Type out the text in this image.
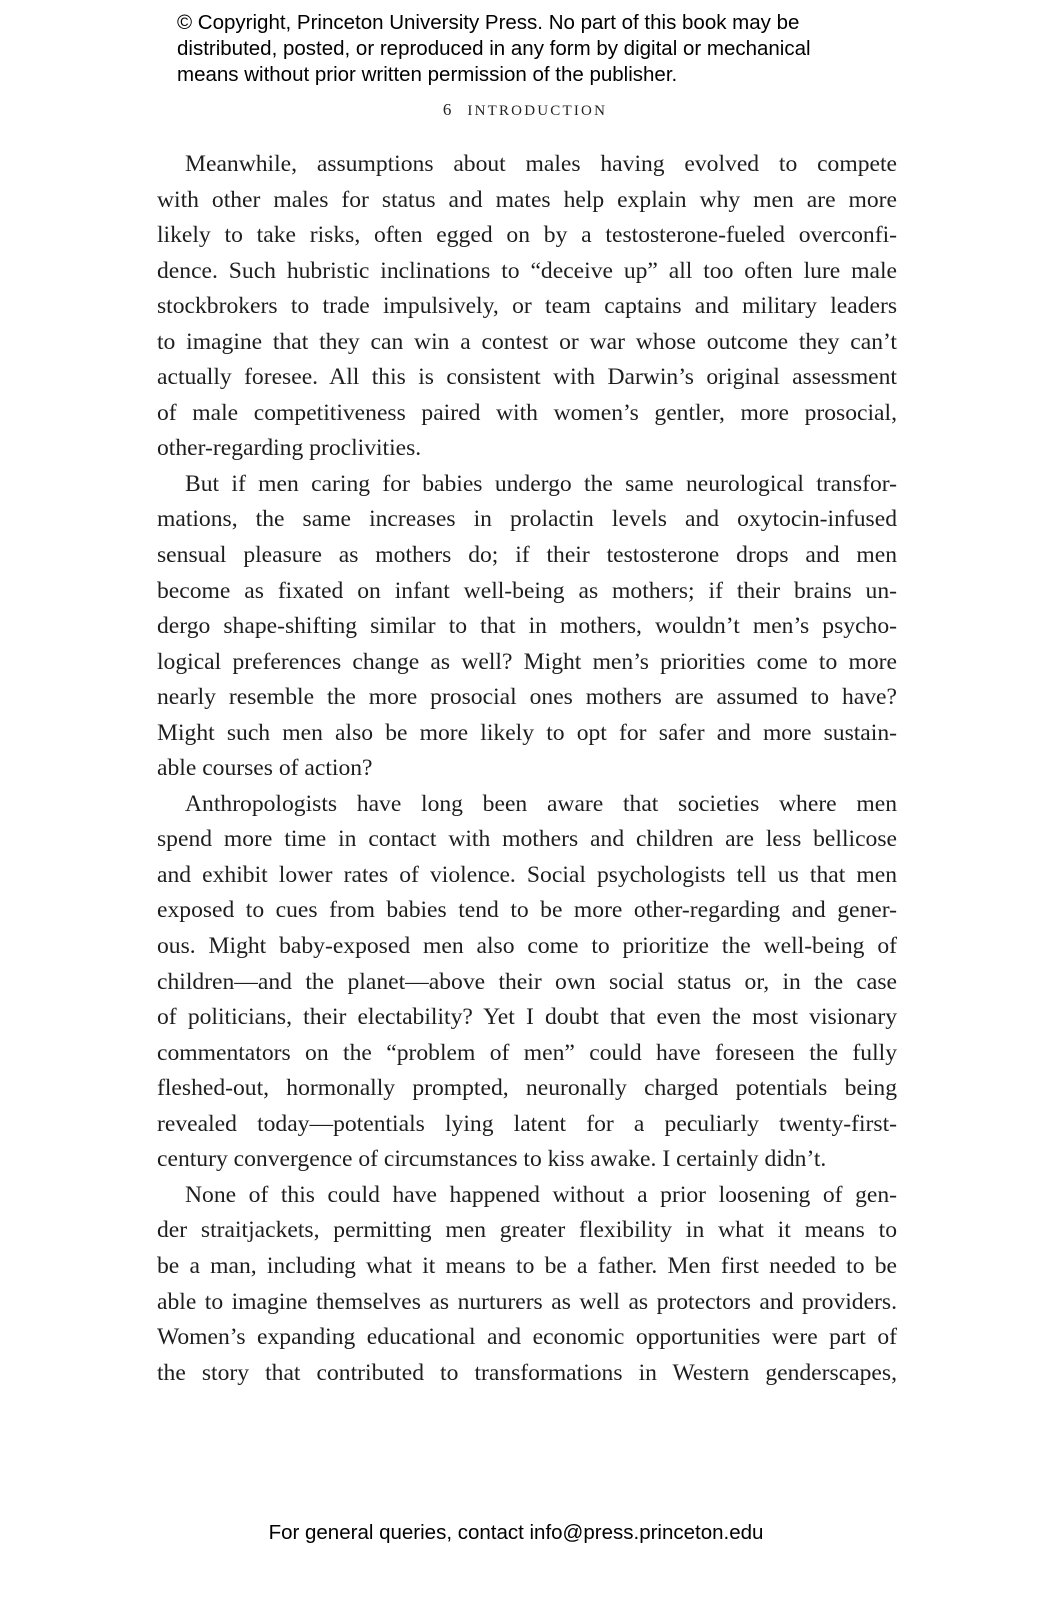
© Copyright, Princeton University Press. No part of this book may be
distributed, posted, or reproduced in any form by digital or mechanical
means without prior written permission of the publisher.
6 INTRODUCTION
Meanwhile, assumptions about males having evolved to compete
with other males for status and mates help explain why men are more
likely to take risks, often egged on by a testosterone-fueled overconfi-
dence. Such hubristic inclinations to “deceive up” all too often lure male
stockbrokers to trade impulsively, or team captains and military leaders
to imagine that they can win a contest or war whose outcome they can’t
actually foresee. All this is consistent with Darwin’s original assessment
of male competitiveness paired with women’s gentler, more prosocial,
other-regarding proclivities.
But if men caring for babies undergo the same neurological transfor-
mations, the same increases in prolactin levels and oxytocin-infused
sensual pleasure as mothers do; if their testosterone drops and men
become as fixated on infant well-being as mothers; if their brains un-
dergo shape-shifting similar to that in mothers, wouldn’t men’s psycho-
logical preferences change as well? Might men’s priorities come to more
nearly resemble the more prosocial ones mothers are assumed to have?
Might such men also be more likely to opt for safer and more sustain-
able courses of action?
Anthropologists have long been aware that societies where men
spend more time in contact with mothers and children are less bellicose
and exhibit lower rates of violence. Social psychologists tell us that men
exposed to cues from babies tend to be more other-regarding and gener-
ous. Might baby-exposed men also come to prioritize the well-being of
children—and the planet—above their own social status or, in the case
of politicians, their electability? Yet I doubt that even the most visionary
commentators on the “problem of men” could have foreseen the fully
fleshed-out, hormonally prompted, neuronally charged potentials being
revealed today—potentials lying latent for a peculiarly twenty-first-
century convergence of circumstances to kiss awake. I certainly didn’t.
None of this could have happened without a prior loosening of gen-
der straitjackets, permitting men greater flexibility in what it means to
be a man, including what it means to be a father. Men first needed to be
able to imagine themselves as nurturers as well as protectors and providers.
Women’s expanding educational and economic opportunities were part of
the story that contributed to transformations in Western genderscapes,
For general queries, contact info@press.princeton.edu
